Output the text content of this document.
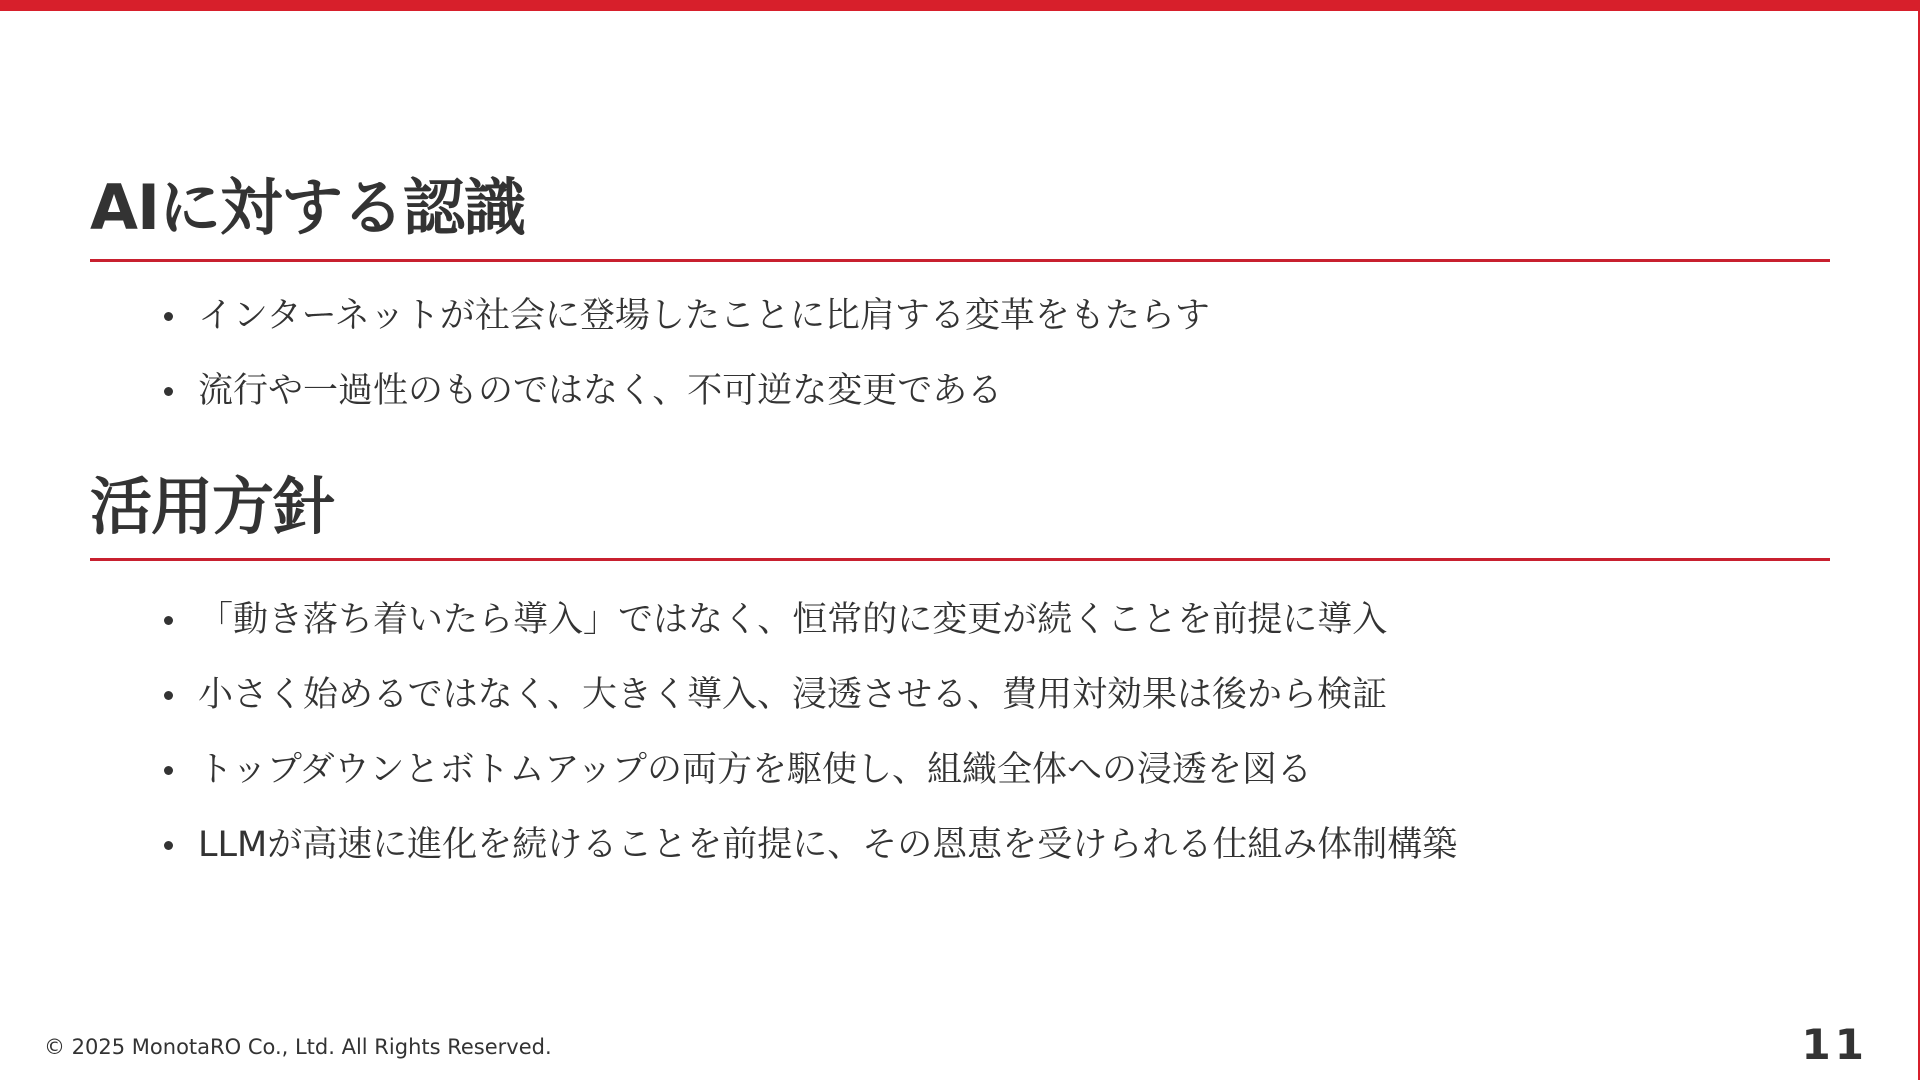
AIに対する認識
インターネットが社会に登場したことに比肩する変革をもたらす
流行や一過性のものではなく、不可逆な変更である
活用方針
「動き落ち着いたら導入」ではなく、恒常的に変更が続くことを前提に導入
小さく始めるではなく、大きく導入、浸透させる、費用対効果は後から検証
トップダウンとボトムアップの両方を駆使し、組織全体への浸透を図る
LLMが高速に進化を続けることを前提に、その恩恵を受けられる仕組み体制構築
© 2025 MonotaRO Co., Ltd. All Rights Reserved.	11
